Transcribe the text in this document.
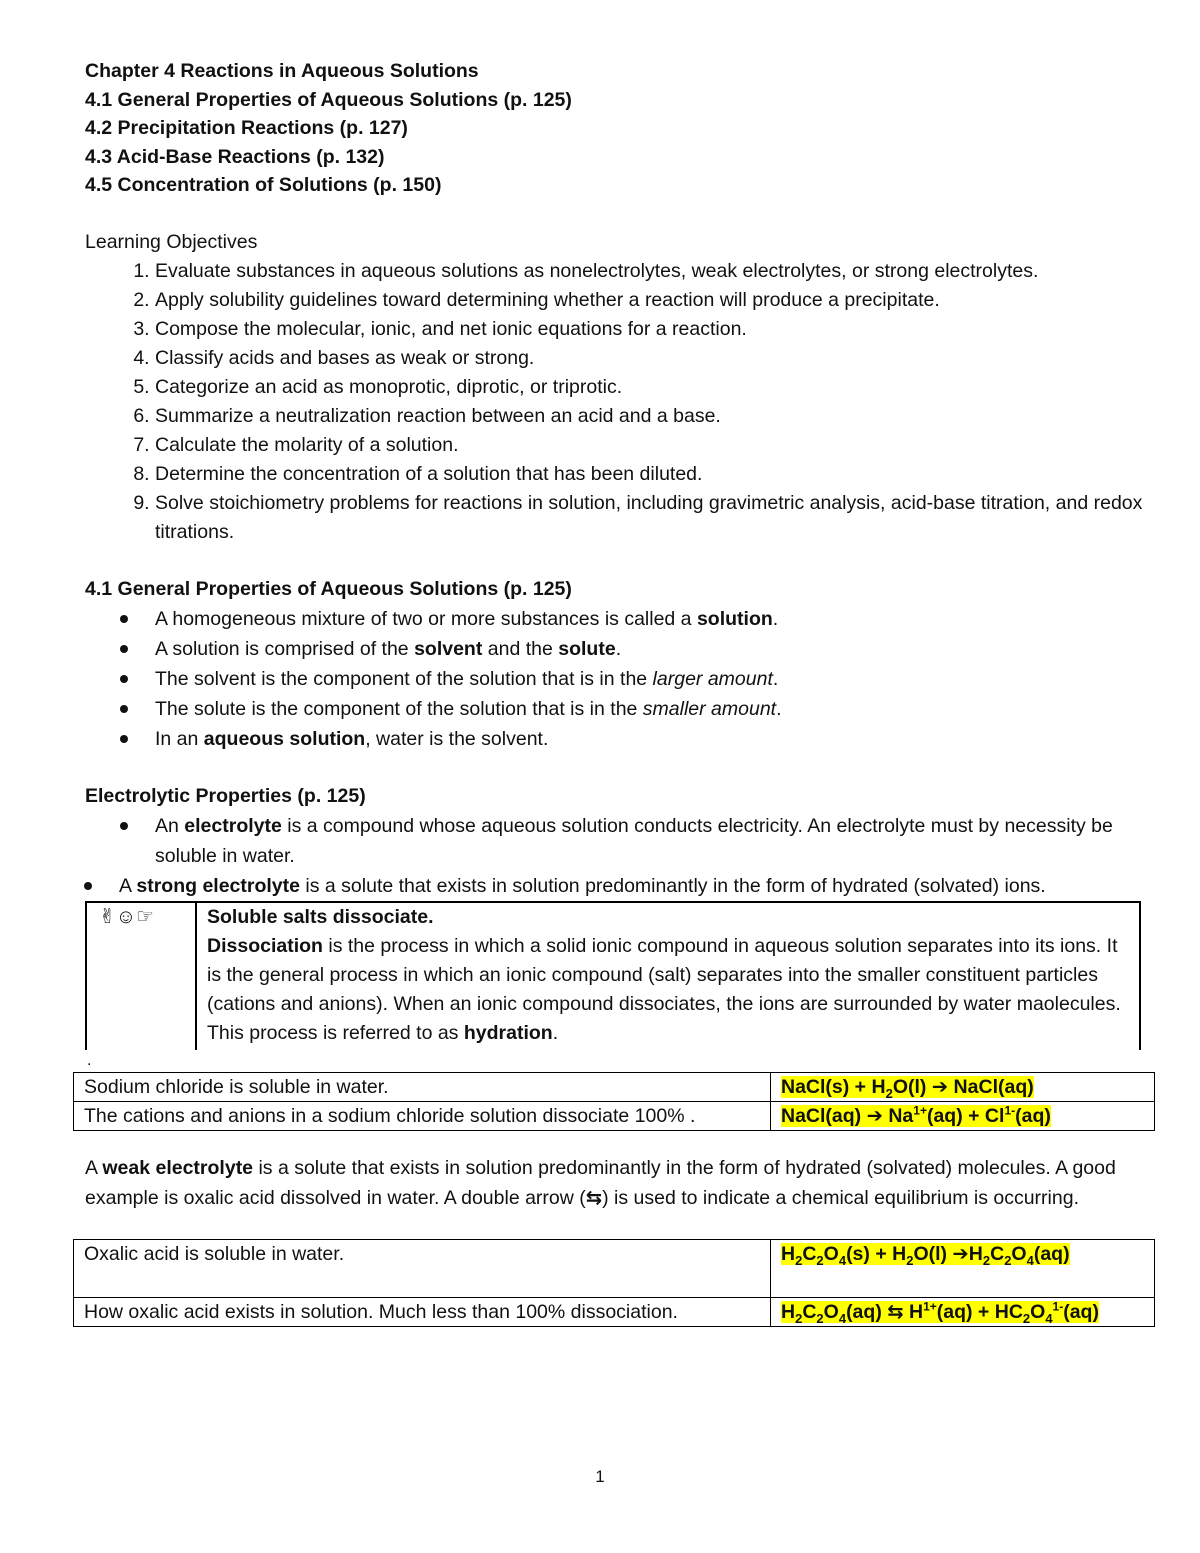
Chapter 4 Reactions in Aqueous Solutions
4.1 General Properties of Aqueous Solutions (p. 125)
4.2 Precipitation Reactions (p. 127)
4.3 Acid-Base Reactions (p. 132)
4.5 Concentration of Solutions (p. 150)
Learning Objectives
1. Evaluate substances in aqueous solutions as nonelectrolytes, weak electrolytes, or strong electrolytes.
2. Apply solubility guidelines toward determining whether a reaction will produce a precipitate.
3. Compose the molecular, ionic, and net ionic equations for a reaction.
4. Classify acids and bases as weak or strong.
5. Categorize an acid as monoprotic, diprotic, or triprotic.
6. Summarize a neutralization reaction between an acid and a base.
7. Calculate the molarity of a solution.
8. Determine the concentration of a solution that has been diluted.
9. Solve stoichiometry problems for reactions in solution, including gravimetric analysis, acid-base titration, and redox titrations.
4.1 General Properties of Aqueous Solutions (p. 125)
A homogeneous mixture of two or more substances is called a solution.
A solution is comprised of the solvent and the solute.
The solvent is the component of the solution that is in the larger amount.
The solute is the component of the solution that is in the smaller amount.
In an aqueous solution, water is the solvent.
Electrolytic Properties (p. 125)
An electrolyte is a compound whose aqueous solution conducts electricity. An electrolyte must by necessity be soluble in water.
A strong electrolyte is a solute that exists in solution predominantly in the form of hydrated (solvated) ions.
✌☺☞	Soluble salts dissociate.
Dissociation is the process in which a solid ionic compound in aqueous solution separates into its ions. It is the general process in which an ionic compound (salt) separates into the smaller constituent particles (cations and anions). When an ionic compound dissociates, the ions are surrounded by water maolecules. This process is referred to as hydration.
.
Sodium chloride is soluble in water.	NaCl(s) + $H_2O(l)$ ➔ NaCl(aq)
The cations and anions in a sodium chloride solution dissociate 100% .	NaCl(aq) ➔ $Na^{1+}(aq) + Cl^{1-}(aq)$
A weak electrolyte is a solute that exists in solution predominantly in the form of hydrated (solvated) molecules. A good example is oxalic acid dissolved in water. A double arrow (⇆) is used to indicate a chemical equilibrium is occurring.
Oxalic acid is soluble in water.	$H_2C_2O_4(s) + H_2O(l)$ $➔H_2C_2O_4(aq)$
How oxalic acid exists in solution. Much less than 100% dissociation.	$H_2C_2O_4(aq)$ ⇆ $H^{1+}(aq) + HC_2O_4^{1-}(aq)$
1
